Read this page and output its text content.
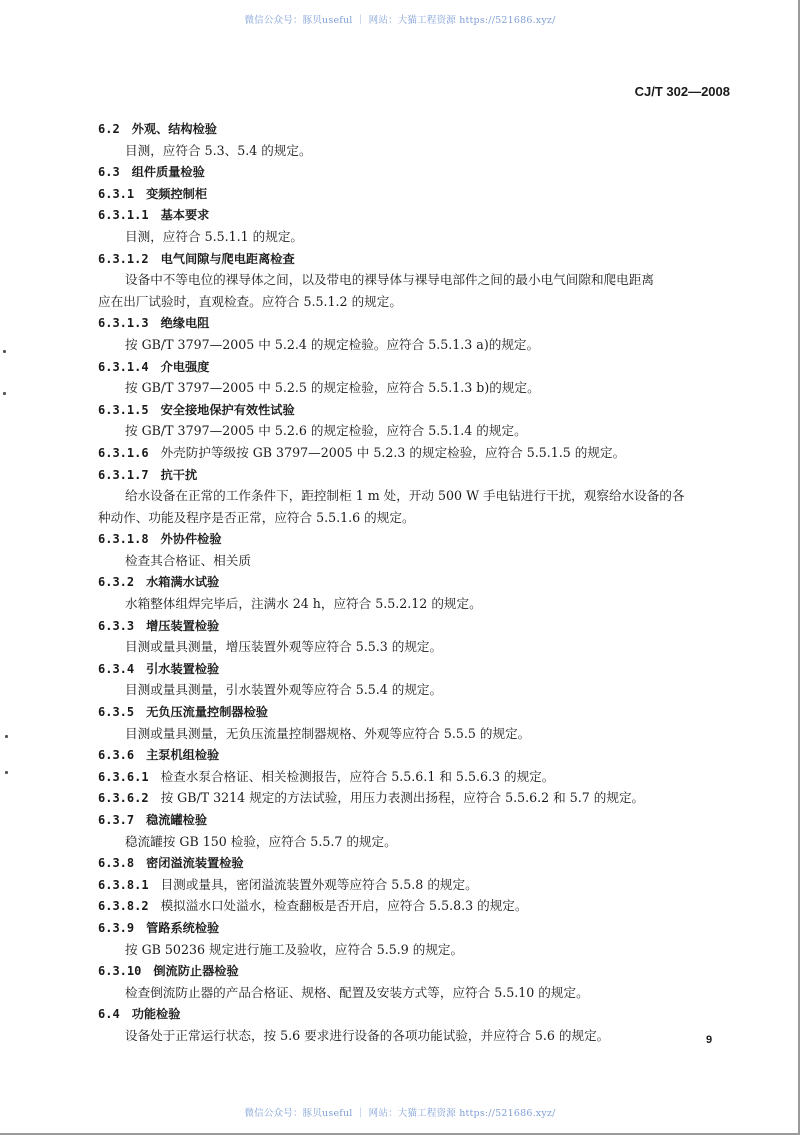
微信公众号：豚贝useful ｜ 网站：大猫工程资源 https://521686.xyz/
CJ/T 302—2008
6.2 外观、结构检验
目测，应符合 5.3、5.4 的规定。
6.3 组件质量检验
6.3.1 变频控制柜
6.3.1.1 基本要求
目测，应符合 5.5.1.1 的规定。
6.3.1.2 电气间隙与爬电距离检查
设备中不等电位的裸导体之间，以及带电的裸导体与裸导电部件之间的最小电气间隙和爬电距离
应在出厂试验时，直观检查。应符合 5.5.1.2 的规定。
6.3.1.3 绝缘电阻
按 GB/T 3797—2005 中 5.2.4 的规定检验。应符合 5.5.1.3 a)的规定。
6.3.1.4 介电强度
按 GB/T 3797—2005 中 5.2.5 的规定检验，应符合 5.5.1.3 b)的规定。
6.3.1.5 安全接地保护有效性试验
按 GB/T 3797—2005 中 5.2.6 的规定检验，应符合 5.5.1.4 的规定。
6.3.1.6 外壳防护等级按 GB 3797—2005 中 5.2.3 的规定检验，应符合 5.5.1.5 的规定。
6.3.1.7 抗干扰
给水设备在正常的工作条件下，距控制柜 1 m 处，开动 500 W 手电钻进行干扰，观察给水设备的各
种动作、功能及程序是否正常，应符合 5.5.1.6 的规定。
6.3.1.8 外协件检验
检查其合格证、相关质
6.3.2 水箱满水试验
水箱整体组焊完毕后，注满水 24 h，应符合 5.5.2.12 的规定。
6.3.3 增压装置检验
目测或量具测量，增压装置外观等应符合 5.5.3 的规定。
6.3.4 引水装置检验
目测或量具测量，引水装置外观等应符合 5.5.4 的规定。
6.3.5 无负压流量控制器检验
目测或量具测量，无负压流量控制器规格、外观等应符合 5.5.5 的规定。
6.3.6 主泵机组检验
6.3.6.1 检查水泵合格证、相关检测报告，应符合 5.5.6.1 和 5.5.6.3 的规定。
6.3.6.2 按 GB/T 3214 规定的方法试验，用压力表测出扬程，应符合 5.5.6.2 和 5.7 的规定。
6.3.7 稳流罐检验
稳流罐按 GB 150 检验，应符合 5.5.7 的规定。
6.3.8 密闭溢流装置检验
6.3.8.1 目测或量具，密闭溢流装置外观等应符合 5.5.8 的规定。
6.3.8.2 模拟溢水口处溢水，检查翻板是否开启，应符合 5.5.8.3 的规定。
6.3.9 管路系统检验
按 GB 50236 规定进行施工及验收，应符合 5.5.9 的规定。
6.3.10 倒流防止器检验
检查倒流防止器的产品合格证、规格、配置及安装方式等，应符合 5.5.10 的规定。
6.4 功能检验
设备处于正常运行状态，按 5.6 要求进行设备的各项功能试验，并应符合 5.6 的规定。	9
微信公众号：豚贝useful ｜ 网站：大猫工程资源 https://521686.xyz/
